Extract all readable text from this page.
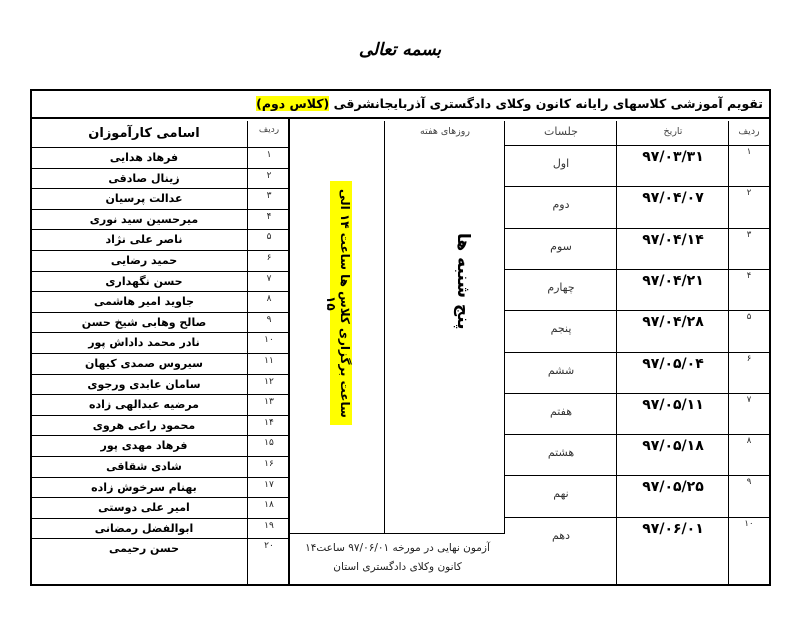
بسمه تعالی
تقویم آموزشی کلاسهای رایانه کانون وکلای دادگستری آذربایجانشرقی (کلاس دوم)
ردیف
تاریخ
جلسات
روزهای هفته
۱
۹۷/۰۳/۳۱
اول
۲
۹۷/۰۴/۰۷
دوم
۳
۹۷/۰۴/۱۴
سوم
۴
۹۷/۰۴/۲۱
چهارم
۵
۹۷/۰۴/۲۸
پنجم
۶
۹۷/۰۵/۰۴
ششم
۷
۹۷/۰۵/۱۱
هفتم
۸
۹۷/۰۵/۱۸
هشتم
۹
۹۷/۰۵/۲۵
نهم
۱۰
۹۷/۰۶/۰۱
دهم
پنج شنبه ها
ساعت برگزاری کلاس ها ساعت ۱۴ الی ۱۵
آزمون نهایی در مورخه ۹۷/۰۶/۰۱ ساعت۱۴
کانون وکلای دادگستری استان
ردیف
اسامی کارآموزان
۱
فرهاد هدایی
۲
زینال صادقی
۳
عدالت پرسیان
۴
میرحسین سید نوری
۵
ناصر علی نژاد
۶
حمید رضایی
۷
حسن نگهداری
۸
جاوید امیر هاشمی
۹
صالح وهابی شیخ حسن
۱۰
نادر محمد داداش پور
۱۱
سیروس صمدی کیهان
۱۲
سامان عابدی ورجوی
۱۳
مرضیه عبدالهی زاده
۱۴
محمود راعی هروی
۱۵
فرهاد مهدی پور
۱۶
شادی شقاقی
۱۷
بهنام سرخوش زاده
۱۸
امیر علی دوستی
۱۹
ابوالفضل رمضانی
۲۰
حسن رحیمی
